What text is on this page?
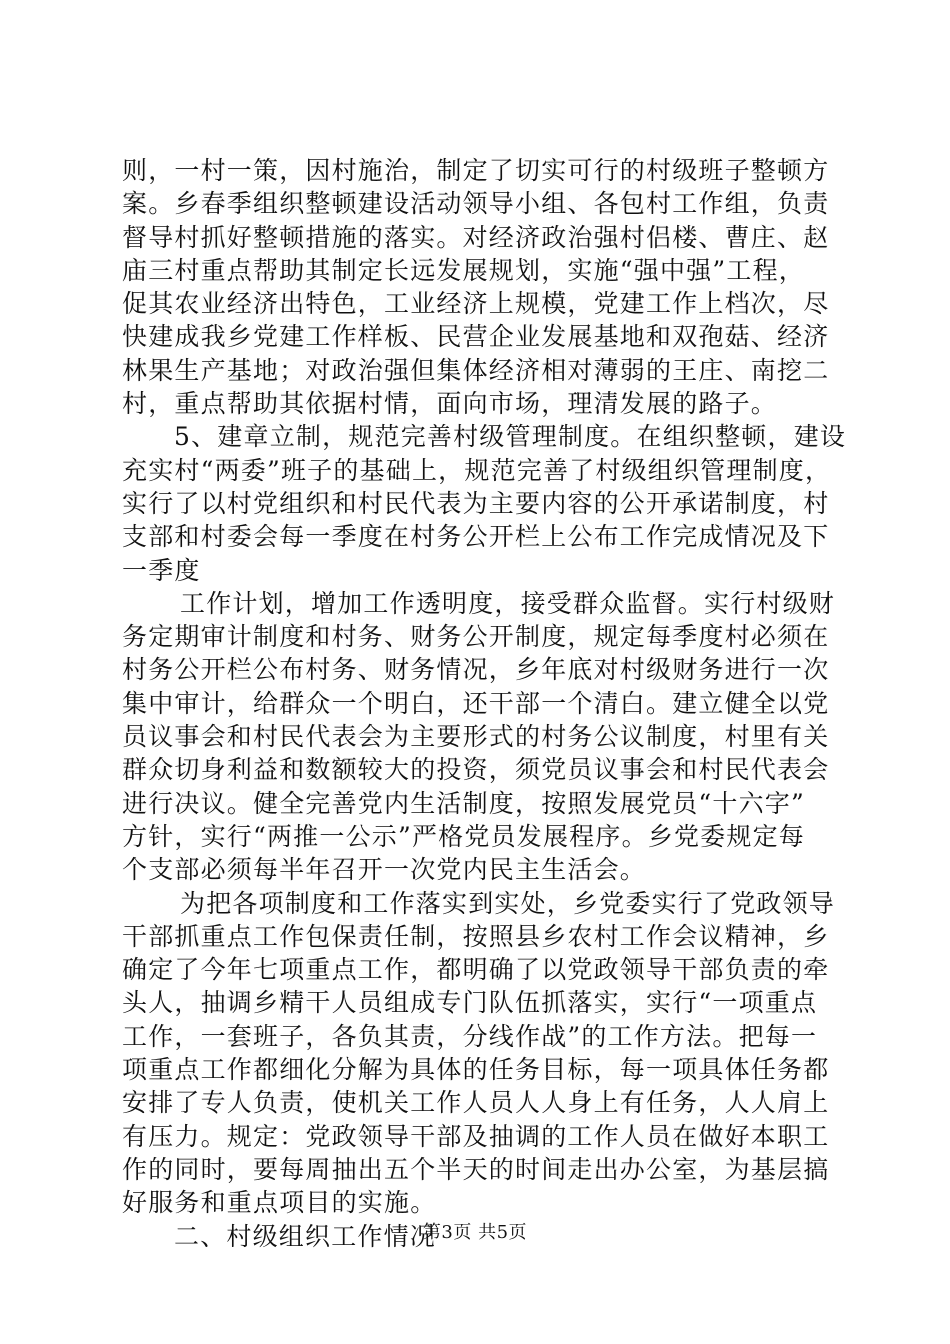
则，一村一策，因村施治，制定了切实可行的村级班子整顿方
案。乡春季组织整顿建设活动领导小组、各包村工作组，负责
督导村抓好整顿措施的落实。对经济政治强村侣楼、曹庄、赵
庙三村重点帮助其制定长远发展规划，实施“强中强”工程，
促其农业经济出特色，工业经济上规模，党建工作上档次，尽
快建成我乡党建工作样板、民营企业发展基地和双孢菇、经济
林果生产基地；对政治强但集体经济相对薄弱的王庄、南挖二
村，重点帮助其依据村情，面向市场，理清发展的路子。
5、建章立制，规范完善村级管理制度。在组织整顿，建设
充实村“两委”班子的基础上，规范完善了村级组织管理制度，
实行了以村党组织和村民代表为主要内容的公开承诺制度，村
支部和村委会每一季度在村务公开栏上公布工作完成情况及下
一季度
工作计划，增加工作透明度，接受群众监督。实行村级财
务定期审计制度和村务、财务公开制度，规定每季度村必须在
村务公开栏公布村务、财务情况，乡年底对村级财务进行一次
集中审计，给群众一个明白，还干部一个清白。建立健全以党
员议事会和村民代表会为主要形式的村务公议制度，村里有关
群众切身利益和数额较大的投资，须党员议事会和村民代表会
进行决议。健全完善党内生活制度，按照发展党员“十六字”
方针，实行“两推一公示”严格党员发展程序。乡党委规定每
个支部必须每半年召开一次党内民主生活会。
为把各项制度和工作落实到实处，乡党委实行了党政领导
干部抓重点工作包保责任制，按照县乡农村工作会议精神，乡
确定了今年七项重点工作，都明确了以党政领导干部负责的牵
头人，抽调乡精干人员组成专门队伍抓落实，实行“一项重点
工作，一套班子，各负其责，分线作战”的工作方法。把每一
项重点工作都细化分解为具体的任务目标，每一项具体任务都
安排了专人负责，使机关工作人员人人身上有任务，人人肩上
有压力。规定：党政领导干部及抽调的工作人员在做好本职工
作的同时，要每周抽出五个半天的时间走出办公室，为基层搞
好服务和重点项目的实施。
二、村级组织工作情况
第3页 共5页
